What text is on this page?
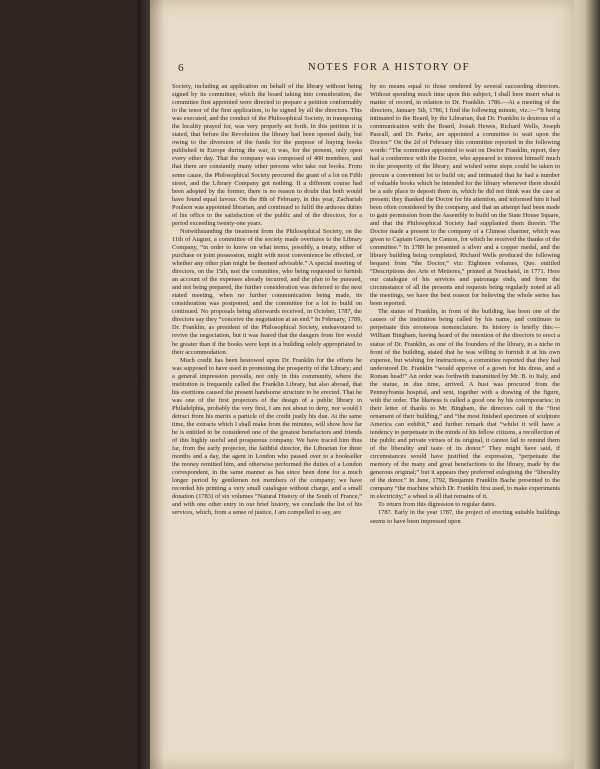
6	NOTES FOR A HISTORY OF

Society, including an application on behalf of the library without being signed by its committee, which the board taking into consideration, the committee first appointed were directed to prepare a petition conformably to the tenor of the first application, to be signed by all the directors. This was executed, and the conduct of the Philosophical Society, in transposing the locality prayed for, was very properly set forth. In this petition it is stated, that before the Revolution the library had been opened daily, but owing to the diversion of the funds for the purpose of buying books published in Europe during the war, it was, for the present, only open every other day. That the company was composed of 400 members, and that there are constantly many other persons who take out books. From some cause, the Philosophical Society procured the grant of a lot on Fifth street, and the Library Company got nothing. If a different course had been adopted by the former, there is no reason to doubt that both would have found equal favour. On the 8th of February, in this year, Zachariah Poulson was appointed librarian, and continued to fulfil the arduous duties of his office to the satisfaction of the public and of the directors, for a period exceeding twenty-one years.

Notwithstanding the treatment from the Philosophical Society, on the 11th of August, a committee of the society made overtures to the Library Company, “in order to know on what terms, possibly, a treaty, either of purchase or joint possession, might with most convenience be effected, or whether any other plan might be deemed advisable.” A special meeting of directors, on the 15th, met the committee, who being requested to furnish an account of the expenses already incurred, and the plan to be pursued, and not being prepared, the further consideration was deferred to the next stated meeting, when no further communication being made, its consideration was postponed, and the committee for a lot to build on continued. No proposals being afterwards received, in October, 1787, the directors say they “conceive the negotiation at an end.” In February, 1789, Dr. Franklin, as president of the Philosophical Society, endeavoured to revive the negociation, but it was feared that the dangers from fire would be greater than if the books were kept in a building solely appropriated to their accommodation.

Much credit has been bestowed upon Dr. Franklin for the efforts he was supposed to have used in promoting the prosperity of the Library; and a general impression prevails, not only in this community, where the institution is frequently called the Franklin Library, but also abroad, that his exertions caused the present handsome structure to be erected. That he was one of the first projectors of the design of a public library in Philadelphia, probably the very first, I am not about to deny, nor would I detract from his merits a particle of the credit justly his due. At the same time, the extracts which I shall make from the minutes, will show how far he is entitled to be considered one of the greatest benefactors and friends of this highly useful and prosperous company. We have traced him thus far, from the early projector, the faithful director, the Librarian for three months and a day, the agent in London who passed over to a bookseller the money remitted him, and otherwise performed the duties of a London correspondent, in the same manner as has since been done for a much longer period by gentlemen not members of the company; we have recorded his printing a very small catalogue without charge, and a small donation (1783) of six volumes “Natural History of the South of France,” and with one other entry in our brief history, we conclude the list of his services, which, from a sense of justice, I am compelled to say, are

by no means equal to those rendered by several succeeding directors. Without spending much time upon this subject, I shall here insert what is matter of record, in relation to Dr. Franklin. 1786.—At a meeting of the directors, January 5th, 1786, I find the following minute, viz.:—“It being intimated to the Board, by the Librarian, that Dr. Franklin is desirous of a communication with the Board, Josiah Hewes, Richard Wells, Joseph Pascall, and Dr. Parke, are appointed a committee to wait upon the Doctor.” On the 2d of February this committee reported in the following words: “The committee appointed to wait on Doctor Franklin, report, they had a conference with the Doctor, who appeared to interest himself much in the prosperity of the library, and wished some steps could be taken to procure a convenient lot to build on; and intimated that he had a number of valuable books which he intended for the library whenever there should be a safe place to deposit them in, which he did not think was the case at present; they thanked the Doctor for his attention, and informed him it had been often considered by the company, and that an attempt had been made to gain permission from the Assembly to build on the State House Square, and that the Philosophical Society had supplanted them therein. The Doctor made a present to the company of a Chinese charmer, which was given to Captain Green, in Canton, for which he received the thanks of the committee.” In 1789 he presented a silver and a copper medal, and the library building being completed, Richard Wells produced the following bequest from “the Doctor,” viz: Eighteen volumes, Quo. entitled “Descriptions des Arts et Metieres,” printed at Neuchatel, in 1771. Here our catalogue of his services and patronage ends, and from the circumstance of all the presents and requests being regularly noted at all the meetings, we have the best reason for believing the whole series has been reported.

The statue of Franklin, in front of the building, has been one of the causes of the institution being called by his name, and continues to perpetuate this erroneous nomenclature. Its history is briefly this:—William Bingham, having heard of the intention of the directors to erect a statue of Dr. Franklin, as one of the founders of the library, in a niche in front of the building, stated that he was willing to furnish it at his own expense, but wishing for instructions, a committee reported that they had understood Dr. Franklin “would approve of a gown for his dress, and a Roman head!” An order was forthwith transmitted by Mr. B. to Italy, and the statue, in due time, arrived. A bust was procured from the Pennsylvania hospital, and sent, together with a drawing of the figure, with the order. The likeness is called a good one by his cotemporaries; in their letter of thanks to Mr. Bingham, the directors call it the “first ornament of their building,” and “the most finished specimen of sculpture America can exhibit,” and further remark that “whilst it will have a tendency to perpetuate in the minds of his fellow citizens, a recollection of the public and private virtues of its original, it cannot fail to remind them of the liberality and taste of its donor.” They might have said, if circumstances would have justified the expression, “perpetuate the memory of the many and great benefactions to the library, made by the generous original;” but it appears they preferred eulogising the “liberality of the donor.” In June, 1792, Benjamin Franklin Bache presented to the company “the machine which Dr. Franklin first used, to make experiments in electricity;” a wheel is all that remains of it.

To return from this digression to regular dates.

1787. Early in the year 1787, the project of erecting suitable buildings seems to have been impressed upon
